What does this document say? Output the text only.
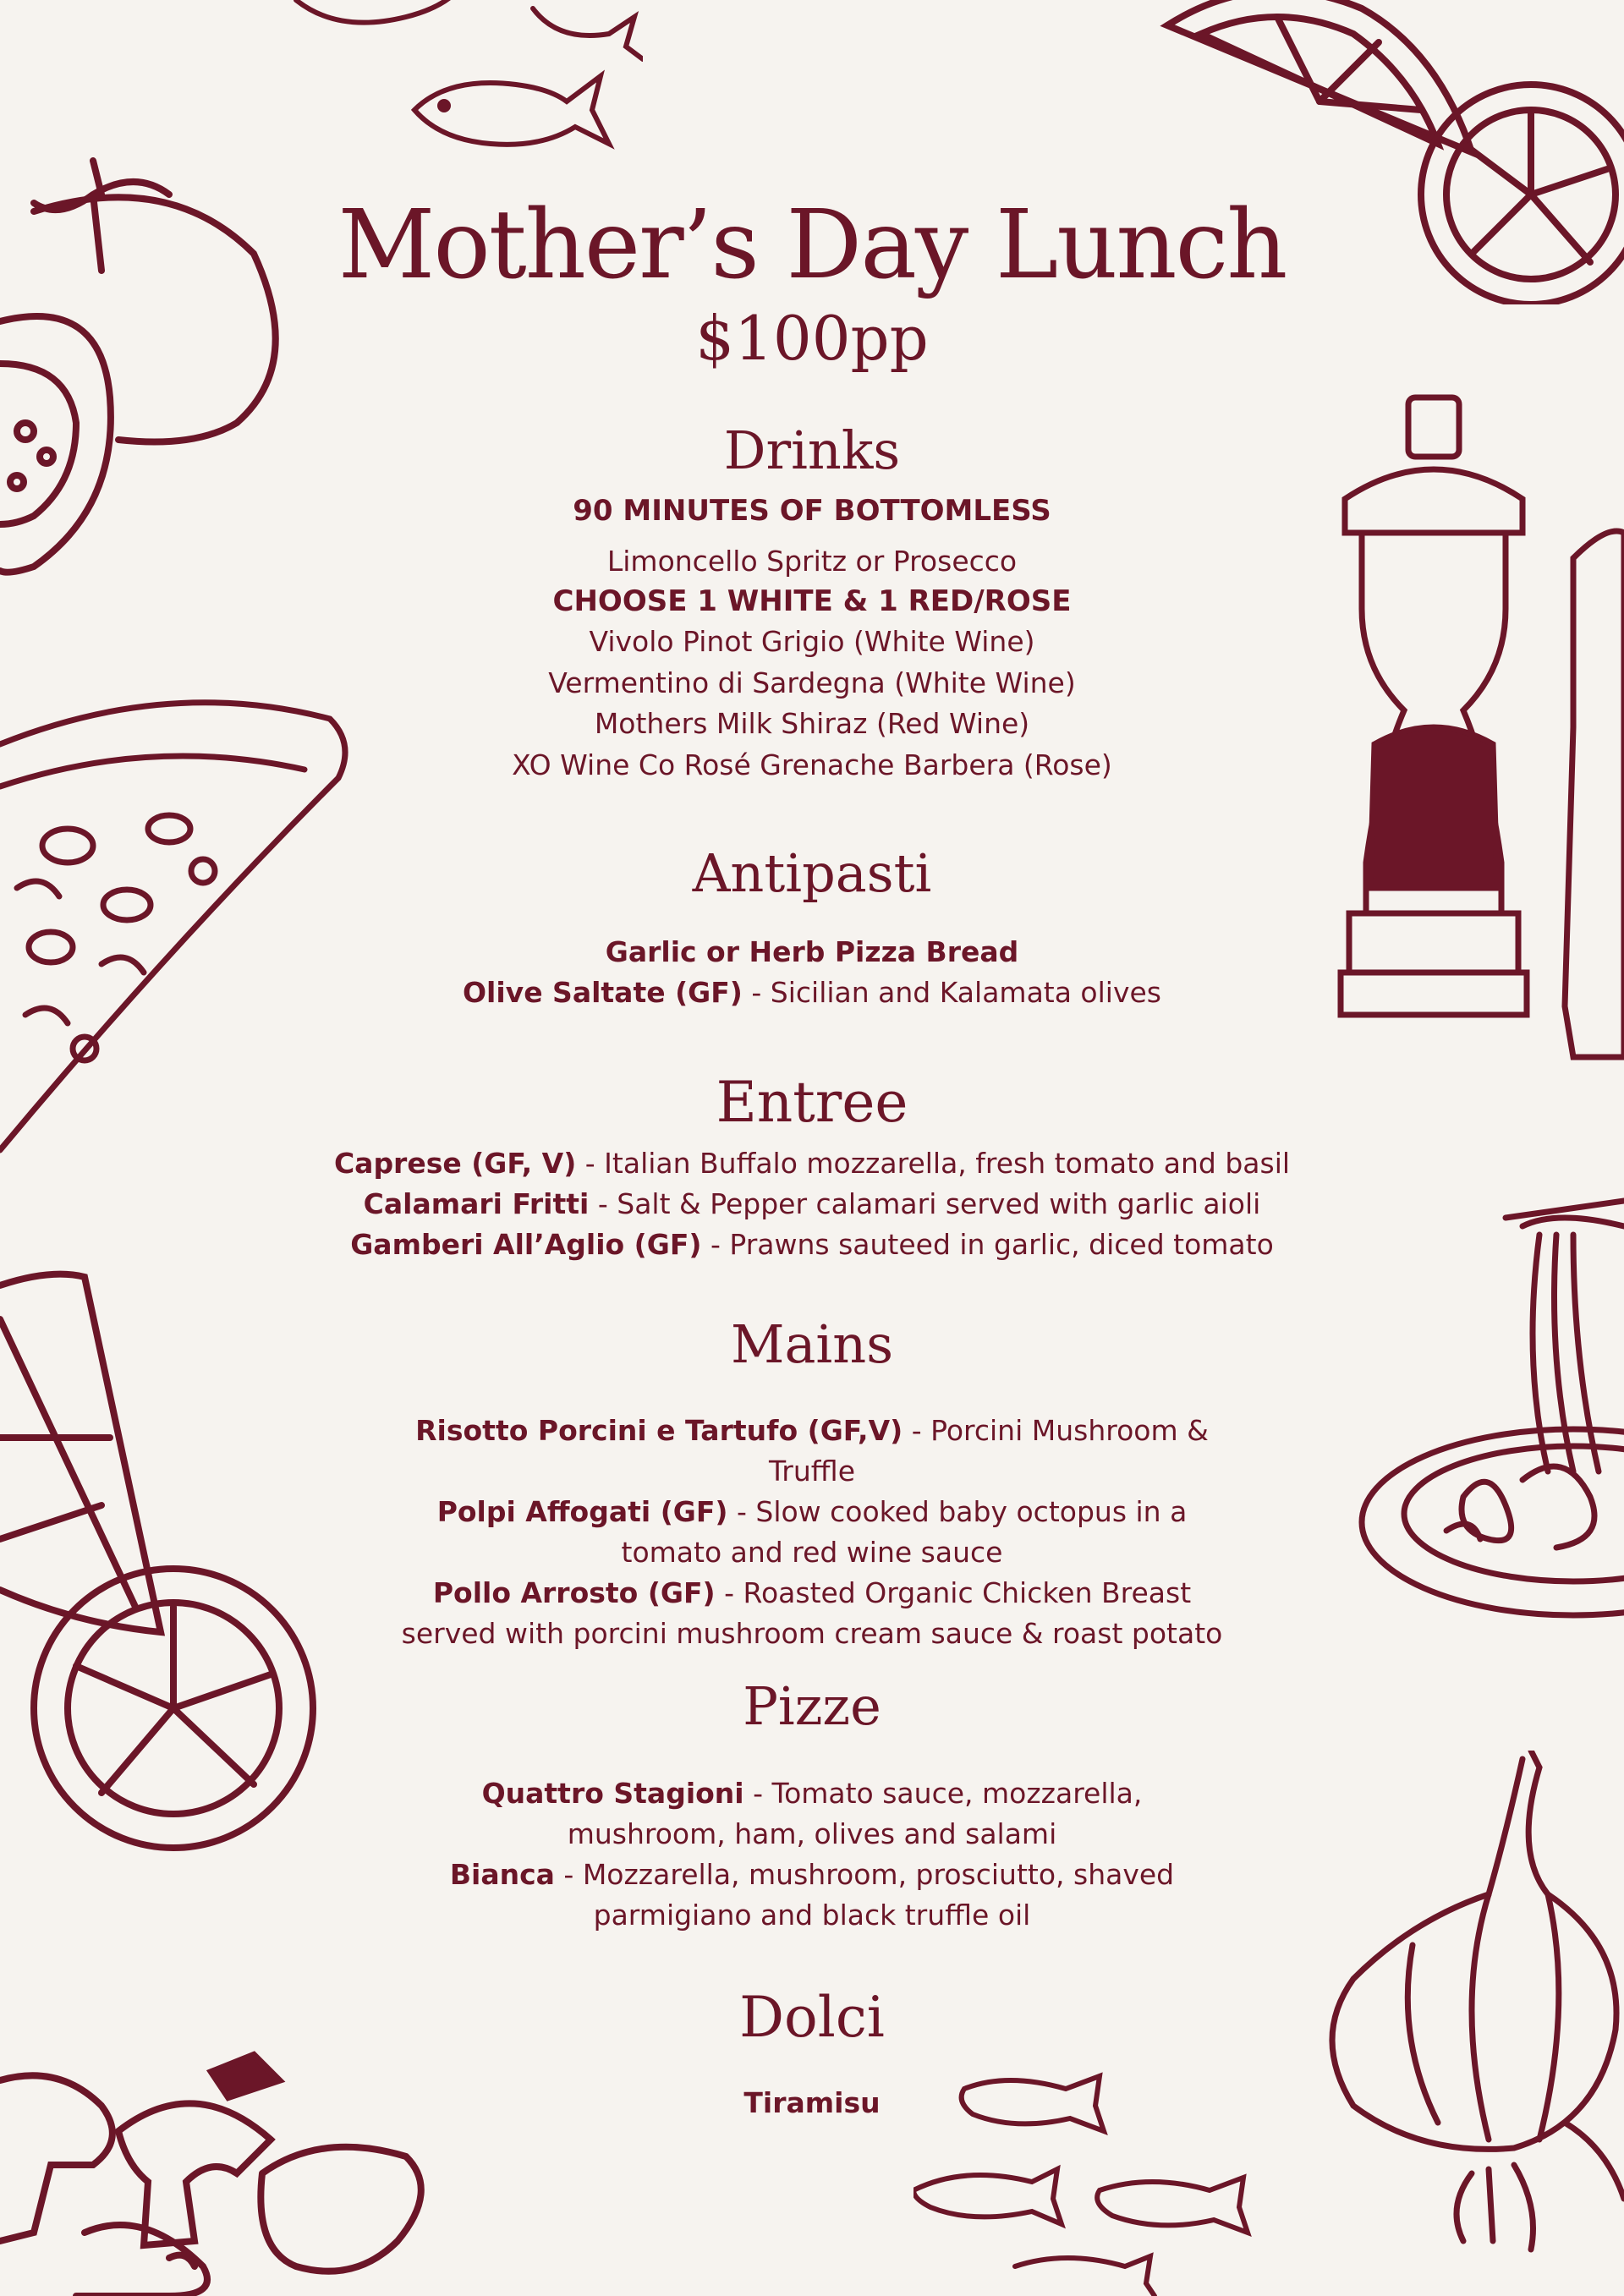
Mother’s Day Lunch
$100pp
Drinks
90 MINUTES OF BOTTOMLESS
Limoncello Spritz or Prosecco
CHOOSE 1 WHITE & 1 RED/ROSE
Vivolo Pinot Grigio (White Wine)
Vermentino di Sardegna (White Wine)
Mothers Milk Shiraz (Red Wine)
XO Wine Co Rosé Grenache Barbera (Rose)
Antipasti
Garlic or Herb Pizza Bread
Olive Saltate (GF) - Sicilian and Kalamata olives
Entree
Caprese (GF, V) - Italian Buffalo mozzarella, fresh tomato and basil
Calamari Fritti - Salt & Pepper calamari served with garlic aioli
Gamberi All’Aglio (GF) - Prawns sauteed in garlic, diced tomato
Mains
Risotto Porcini e Tartufo (GF,V) - Porcini Mushroom &
Truffle
Polpi Affogati (GF) - Slow cooked baby octopus in a
tomato and red wine sauce
Pollo Arrosto (GF) - Roasted Organic Chicken Breast
served with porcini mushroom cream sauce & roast potato
Pizze
Quattro Stagioni - Tomato sauce, mozzarella,
mushroom, ham, olives and salami
Bianca - Mozzarella, mushroom, prosciutto, shaved
parmigiano and black truffle oil
Dolci
Tiramisu
